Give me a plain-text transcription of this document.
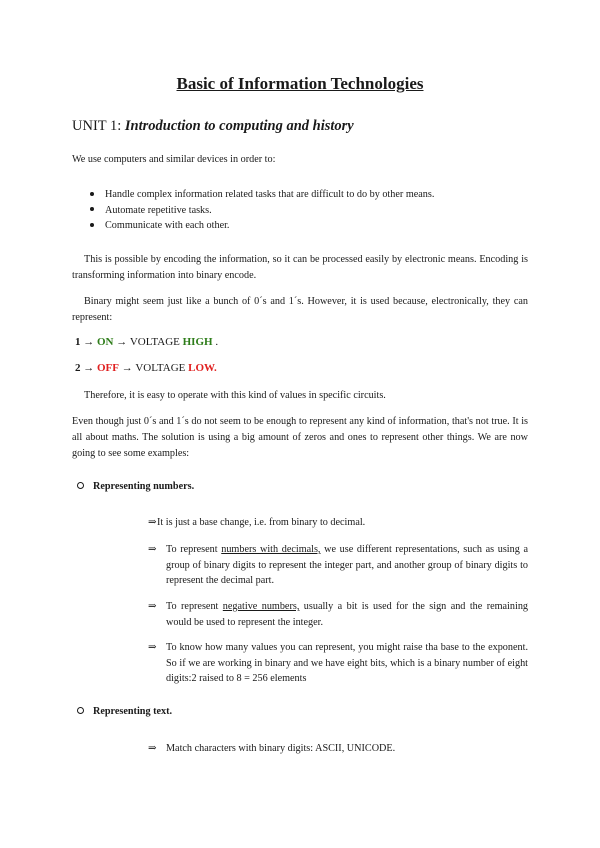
Basic of Information Technologies
UNIT 1: Introduction to computing and history
We use computers and similar devices in order to:
Handle complex information related tasks that are difficult to do by other means.
Automate repetitive tasks.
Communicate with each other.
This is possible by encoding the information, so it can be processed easily by electronic means. Encoding is transforming information into binary encode.
Binary might seem just like a bunch of 0´s and 1´s. However, it is used because, electronically, they can represent:
1 → ON → VOLTAGE HIGH .
2 → OFF → VOLTAGE LOW.
Therefore, it is easy to operate with this kind of values in specific circuits.
Even though just 0´s and 1´s do not seem to be enough to represent any kind of information, that's not true. It is all about maths. The solution is using a big amount of zeros and ones to represent other things. We are now going to see some examples:
Representing numbers.
⇒ It is just a base change, i.e. from binary to decimal.
⇒ To represent numbers with decimals, we use different representations, such as using a group of binary digits to represent the integer part, and another group of binary digits to represent the decimal part.
⇒ To represent negative numbers, usually a bit is used for the sign and the remaining would be used to represent the integer.
⇒ To know how many values you can represent, you might raise tha base to the exponent. So if we are working in binary and we have eight bits, which is a binary number of eight digits:2 raised to 8 = 256 elements
Representing text.
⇒ Match characters with binary digits: ASCII, UNICODE.
